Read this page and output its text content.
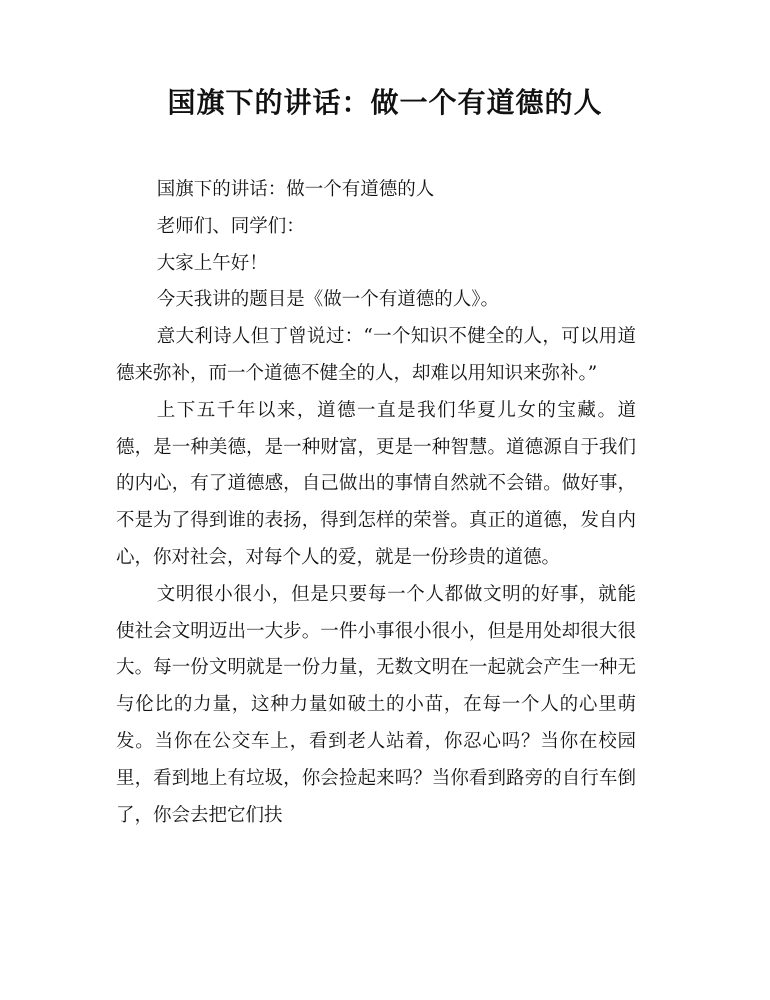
国旗下的讲话：做一个有道德的人

国旗下的讲话：做一个有道德的人

老师们、同学们：

大家上午好！

今天我讲的题目是《做一个有道德的人》。

意大利诗人但丁曾说过：“一个知识不健全的人，可以用道德来弥补，而一个道德不健全的人，却难以用知识来弥补。”

上下五千年以来，道德一直是我们华夏儿女的宝藏。道德，是一种美德，是一种财富，更是一种智慧。道德源自于我们的内心，有了道德感，自己做出的事情自然就不会错。做好事，不是为了得到谁的表扬，得到怎样的荣誉。真正的道德，发自内心，你对社会，对每个人的爱，就是一份珍贵的道德。

文明很小很小，但是只要每一个人都做文明的好事，就能使社会文明迈出一大步。一件小事很小很小，但是用处却很大很大。每一份文明就是一份力量，无数文明在一起就会产生一种无与伦比的力量，这种力量如破土的小苗，在每一个人的心里萌发。当你在公交车上，看到老人站着，你忍心吗？当你在校园里，看到地上有垃圾，你会捡起来吗？当你看到路旁的自行车倒了，你会去把它们扶
